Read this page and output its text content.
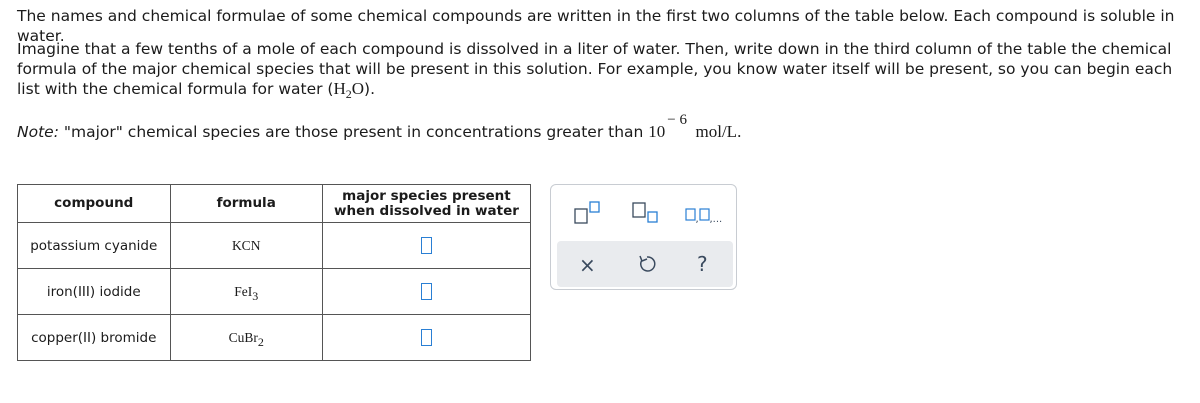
The names and chemical formulae of some chemical compounds are written in the first two columns of the table below. Each compound is soluble in water.

Imagine that a few tenths of a mole of each compound is dissolved in a liter of water. Then, write down in the third column of the table the chemical formula of the major chemical species that will be present in this solution. For example, you know water itself will be present, so you can begin each list with the chemical formula for water $(H_2O)$.

Note: "major" chemical species are those present in concentrations greater than 10− 6  mol/L.

compound	formula	major species present
when dissolved in water
potassium cyanide	KCN	
iron(III) iodide	FeI3	
copper(II) bromide	CuBr2	
, ,...
×	?
